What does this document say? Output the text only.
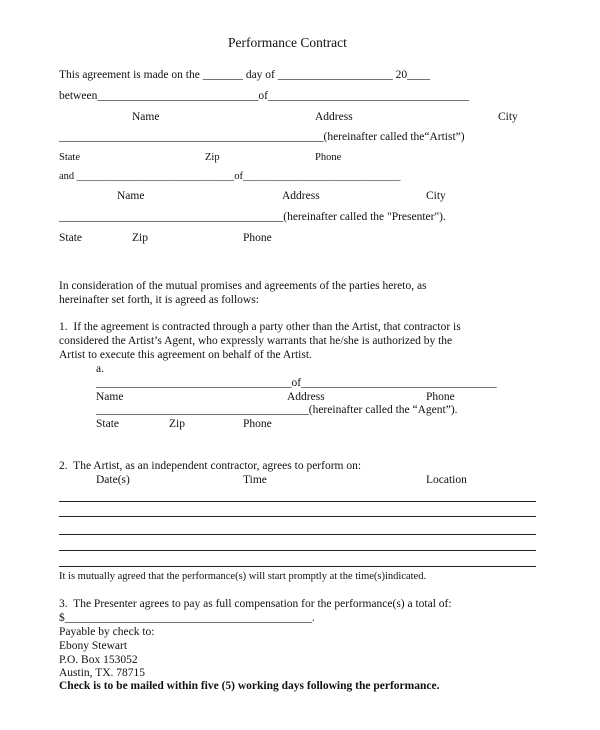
Performance Contract
This agreement is made on the _______ day of ____________________ 20____
between____________________________of___________________________________
Name	Address	City
______________________________________________(hereinafter called the“Artist”)
State	Zip	Phone
and ______________________________of______________________________
Name	Address	City
_______________________________________(hereinafter called the "Presenter").
State	Zip	Phone
In consideration of the mutual promises and agreements of the parties hereto, as
hereinafter set forth, it is agreed as follows:
1.  If the agreement is contracted through a party other than the Artist, that contractor is
considered the Artist’s Agent, who expressly warrants that he/she is authorized by the
Artist to execute this agreement on behalf of the Artist.
a.
__________________________________of__________________________________
Name	Address	Phone
_____________________________________(hereinafter called the “Agent”).
State	Zip	Phone
2.  The Artist, as an independent contractor, agrees to perform on:
Date(s)	Time	Location
It is mutually agreed that the performance(s) will start promptly at the time(s)indicated.
3.  The Presenter agrees to pay as full compensation for the performance(s) a total of:
$___________________________________________.
Payable by check to:
Ebony Stewart
P.O. Box 153052
Austin, TX. 78715
Check is to be mailed within five (5) working days following the performance.
